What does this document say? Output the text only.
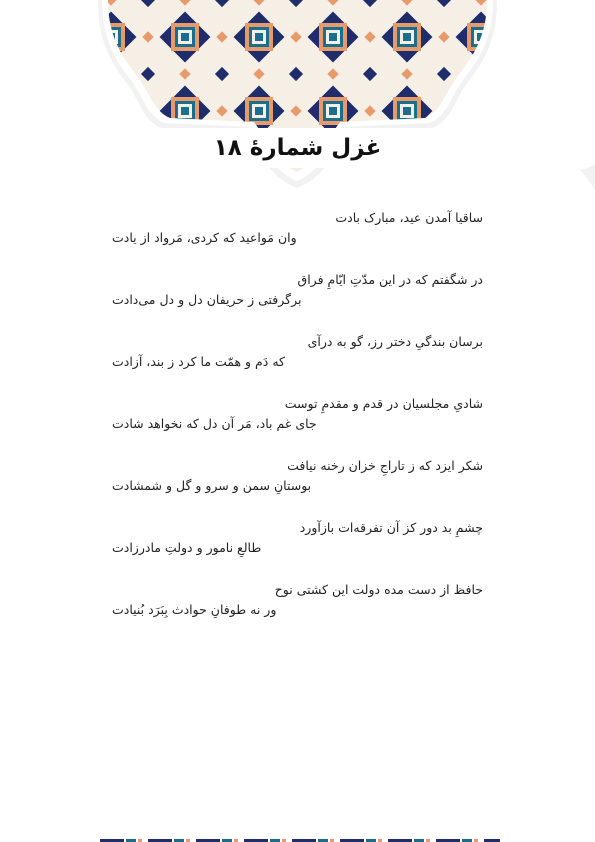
غزل شمارهٔ ۱۸
ساقیا آمدن عید، مبارک بادت
وان مَواعید که کردی، مَرواد از یادت
در شگفتم که در این مدّتِ ایّامِ فراق
برگرفتی ز حریفان دل و دل می‌دادت
برسان بندگیِ دختر رز، گو به درآی
که دَم و همّت ما کرد ز بند، آزادت
شادیِ مجلسیان در قدم و مقدمِ توست
جای غم باد، مَر آن دل که نخواهد شادت
شکر ایزد که ز تاراجِ خزان رخنه نیافت
بوستانِ سمن و سرو و گل و شمشادت
چشمِ بد دور کز آن تفرقه‌ات بازآورد
طالعِ نامور و دولتِ مادرزادت
حافظ از دست مده دولت این کشتی نوح
ور نه طوفانِ حوادث بِبَرَد بُنیادت
